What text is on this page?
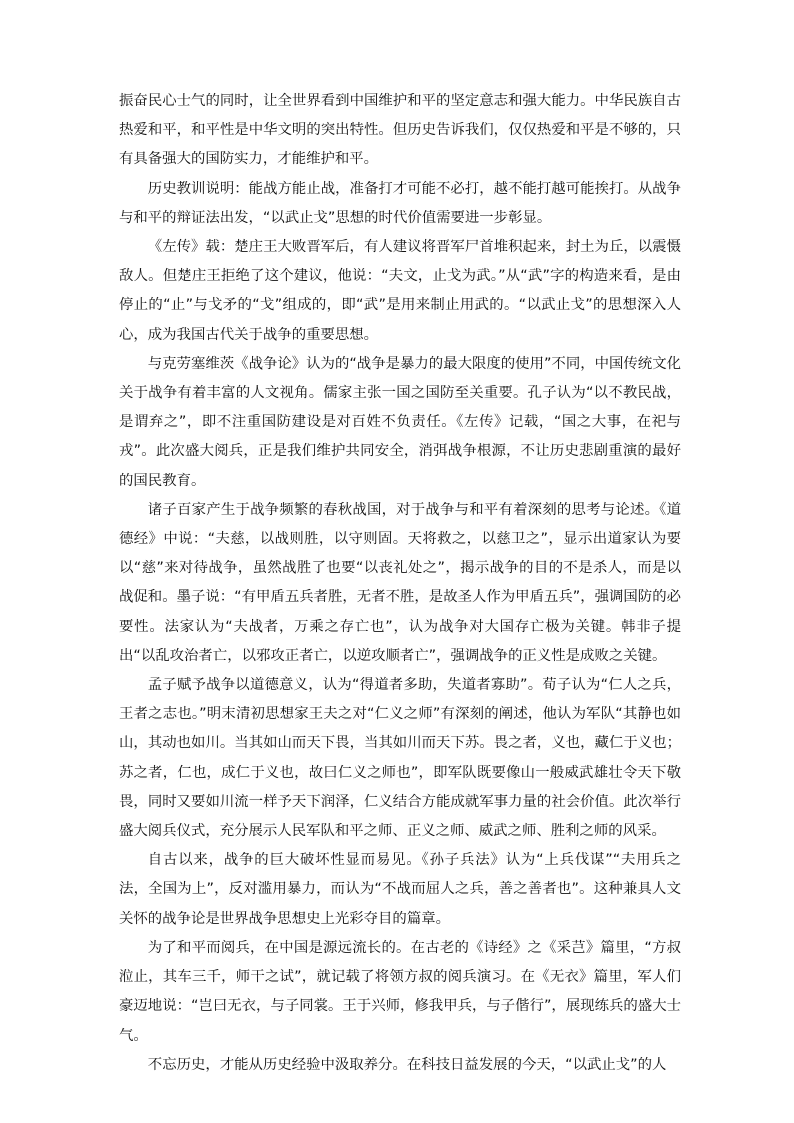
振奋民心士气的同时，让全世界看到中国维护和平的坚定意志和强大能力。中华民族自古热爱和平，和平性是中华文明的突出特性。但历史告诉我们，仅仅热爱和平是不够的，只有具备强大的国防实力，才能维护和平。

历史教训说明：能战方能止战，准备打才可能不必打，越不能打越可能挨打。从战争与和平的辩证法出发，“以武止戈”思想的时代价值需要进一步彰显。

《左传》载：楚庄王大败晋军后，有人建议将晋军尸首堆积起来，封土为丘，以震慑敌人。但楚庄王拒绝了这个建议，他说：“夫文，止戈为武。”从“武”字的构造来看，是由停止的“止”与戈矛的“戈”组成的，即“武”是用来制止用武的。“以武止戈”的思想深入人心，成为我国古代关于战争的重要思想。

与克劳塞维茨《战争论》认为的“战争是暴力的最大限度的使用”不同，中国传统文化关于战争有着丰富的人文视角。儒家主张一国之国防至关重要。孔子认为“以不教民战，是谓弃之”，即不注重国防建设是对百姓不负责任。《左传》记载，“国之大事，在祀与戎”。此次盛大阅兵，正是我们维护共同安全，消弭战争根源，不让历史悲剧重演的最好的国民教育。

诸子百家产生于战争频繁的春秋战国，对于战争与和平有着深刻的思考与论述。《道德经》中说：“夫慈，以战则胜，以守则固。天将救之，以慈卫之”，显示出道家认为要以“慈”来对待战争，虽然战胜了也要“以丧礼处之”，揭示战争的目的不是杀人，而是以战促和。墨子说：“有甲盾五兵者胜，无者不胜，是故圣人作为甲盾五兵”，强调国防的必要性。法家认为“夫战者，万乘之存亡也”，认为战争对大国存亡极为关键。韩非子提出“以乱攻治者亡，以邪攻正者亡，以逆攻顺者亡”，强调战争的正义性是成败之关键。

孟子赋予战争以道德意义，认为“得道者多助，失道者寡助”。荀子认为“仁人之兵，王者之志也。”明末清初思想家王夫之对“仁义之师”有深刻的阐述，他认为军队“其静也如山，其动也如川。当其如山而天下畏，当其如川而天下苏。畏之者，义也，藏仁于义也；苏之者，仁也，成仁于义也，故曰仁义之师也”，即军队既要像山一般威武雄壮令天下敬畏，同时又要如川流一样予天下润泽，仁义结合方能成就军事力量的社会价值。此次举行盛大阅兵仪式，充分展示人民军队和平之师、正义之师、威武之师、胜利之师的风采。

自古以来，战争的巨大破坏性显而易见。《孙子兵法》认为“上兵伐谋”“夫用兵之法，全国为上”，反对滥用暴力，而认为“不战而屈人之兵，善之善者也”。这种兼具人文关怀的战争论是世界战争思想史上光彩夺目的篇章。

为了和平而阅兵，在中国是源远流长的。在古老的《诗经》之《采芑》篇里，“方叔涖止，其车三千，师干之试”，就记载了将领方叔的阅兵演习。在《无衣》篇里，军人们豪迈地说：“岂曰无衣，与子同裳。王于兴师，修我甲兵，与子偕行”，展现练兵的盛大士气。

不忘历史，才能从历史经验中汲取养分。在科技日益发展的今天，“以武止戈”的人
